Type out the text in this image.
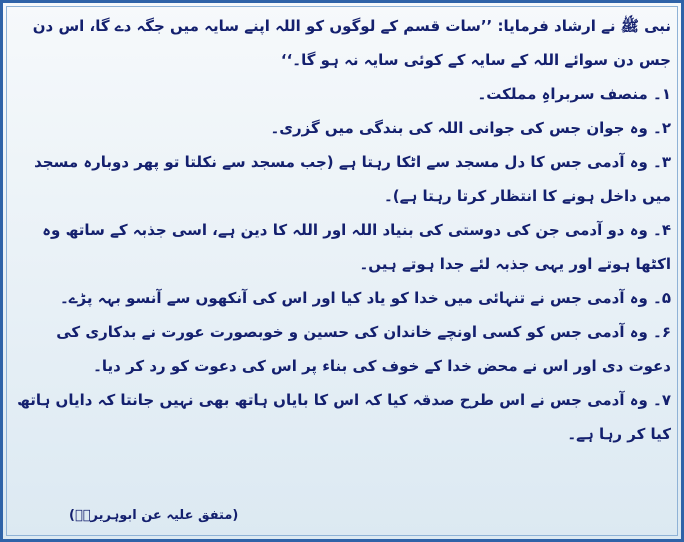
نبی ﷺ نے ارشاد فرمایا: ’’سات قسم کے لوگوں کو اللہ اپنے سایہ میں جگہ دے گا، اس دن جس دن سوائے اللہ کے سایہ کے کوئی سایہ نہ ہو گا۔‘‘

۱۔ منصف سربراہِ مملکت۔

۲۔ وہ جوان جس کی جوانی اللہ کی بندگی میں گزری۔

۳۔ وہ آدمی جس کا دل مسجد سے اٹکا رہتا ہے (جب مسجد سے نکلتا تو پھر دوبارہ مسجد میں داخل ہونے کا انتظار کرتا رہتا ہے)۔

۴۔ وہ دو آدمی جن کی دوستی کی بنیاد اللہ اور اللہ کا دین ہے، اسی جذبہ کے ساتھ وہ اکٹھا ہوتے اور یہی جذبہ لئے جدا ہوتے ہیں۔

۵۔ وہ آدمی جس نے تنہائی میں خدا کو یاد کیا اور اس کی آنکھوں سے آنسو بہہ پڑے۔

۶۔ وہ آدمی جس کو کسی اونچے خاندان کی حسین و خوبصورت عورت نے بدکاری کی دعوت دی اور اس نے محض خدا کے خوف کی بناء پر اس کی دعوت کو رد کر دیا۔

۷۔ وہ آدمی جس نے اس طرح صدقہ کیا کہ اس کا بایاں ہاتھ بھی نہیں جانتا کہ دایاں ہاتھ کیا کر رہا ہے۔

(متفق علیہ عن ابوہریرہؓ)
